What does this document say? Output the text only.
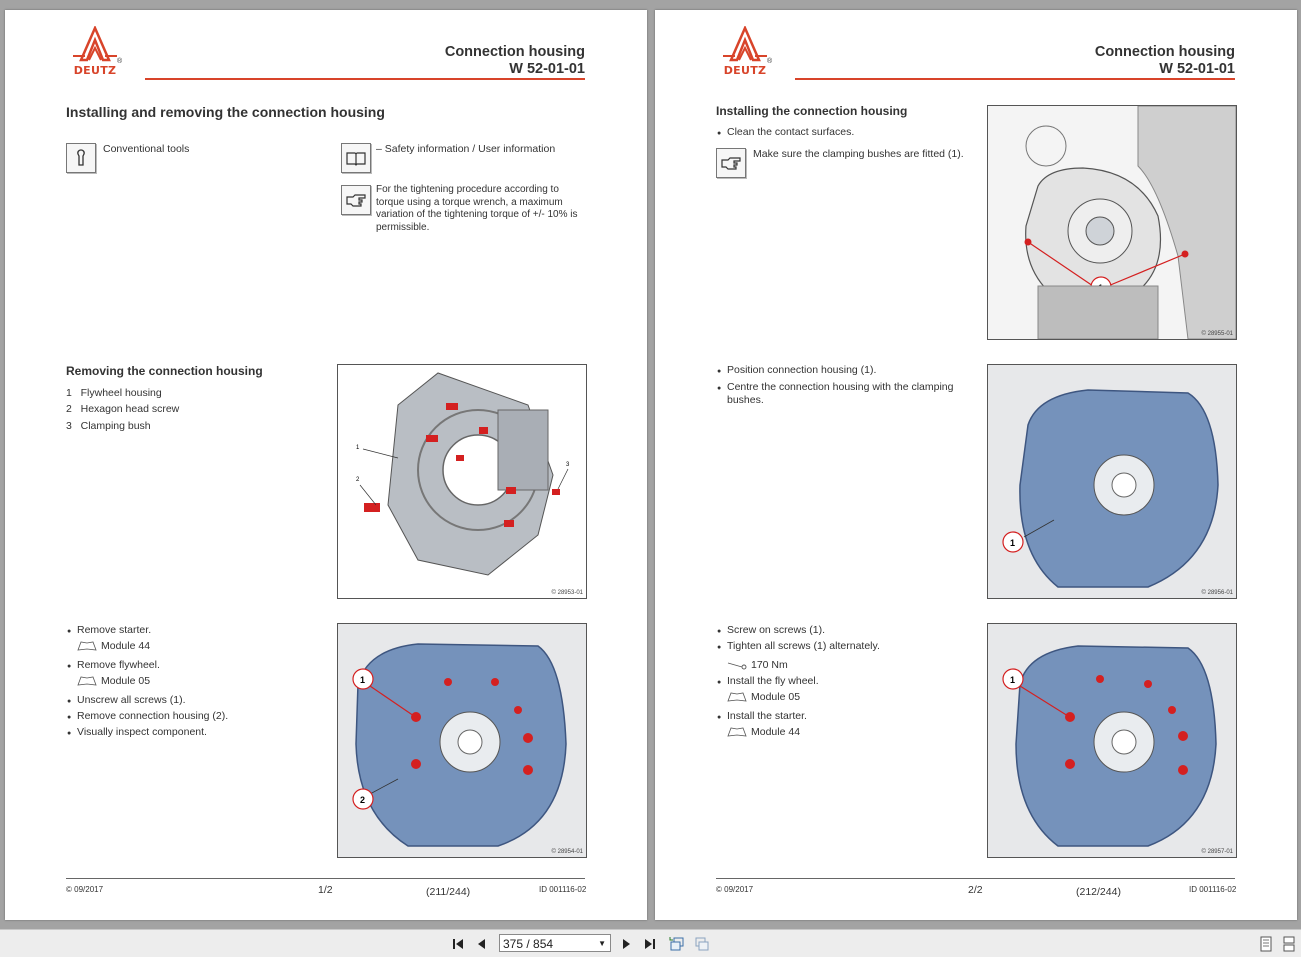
DEUTZ
®
Connection housing
W 52-01-01
Installing and removing the connection housing
Conventional tools	– Safety information / User information
For the tightening procedure according to torque using a torque wrench, a maximum variation of the tightening torque of +/- 10% is permissible.
Removing the connection housing
1 Flywheel housing
2 Hexagon head screw
3 Clamping bush
1
2
3
© 28953-01
● Remove starter.
Module 44
● Remove flywheel.
Module 05
● Unscrew all screws (1).
● Remove connection housing (2).
● Visually inspect component.
1
2
© 28954-01
© 09/2017	1/2	(211/244)	ID 001116-02
DEUTZ
®
Connection housing
W 52-01-01
Installing the connection housing
● Clean the contact surfaces.
Make sure the clamping bushes are fitted (1).
© 28955-01
● Position connection housing (1).
● Centre the connection housing with the clamping bushes.
1
© 28956-01
● Screw on screws (1).
● Tighten all screws (1) alternately.
170 Nm
● Install the fly wheel.
Module 05
● Install the starter.
Module 44
1
© 28957-01
© 09/2017	2/2	(212/244)	ID 001116-02
375 / 854	▼
